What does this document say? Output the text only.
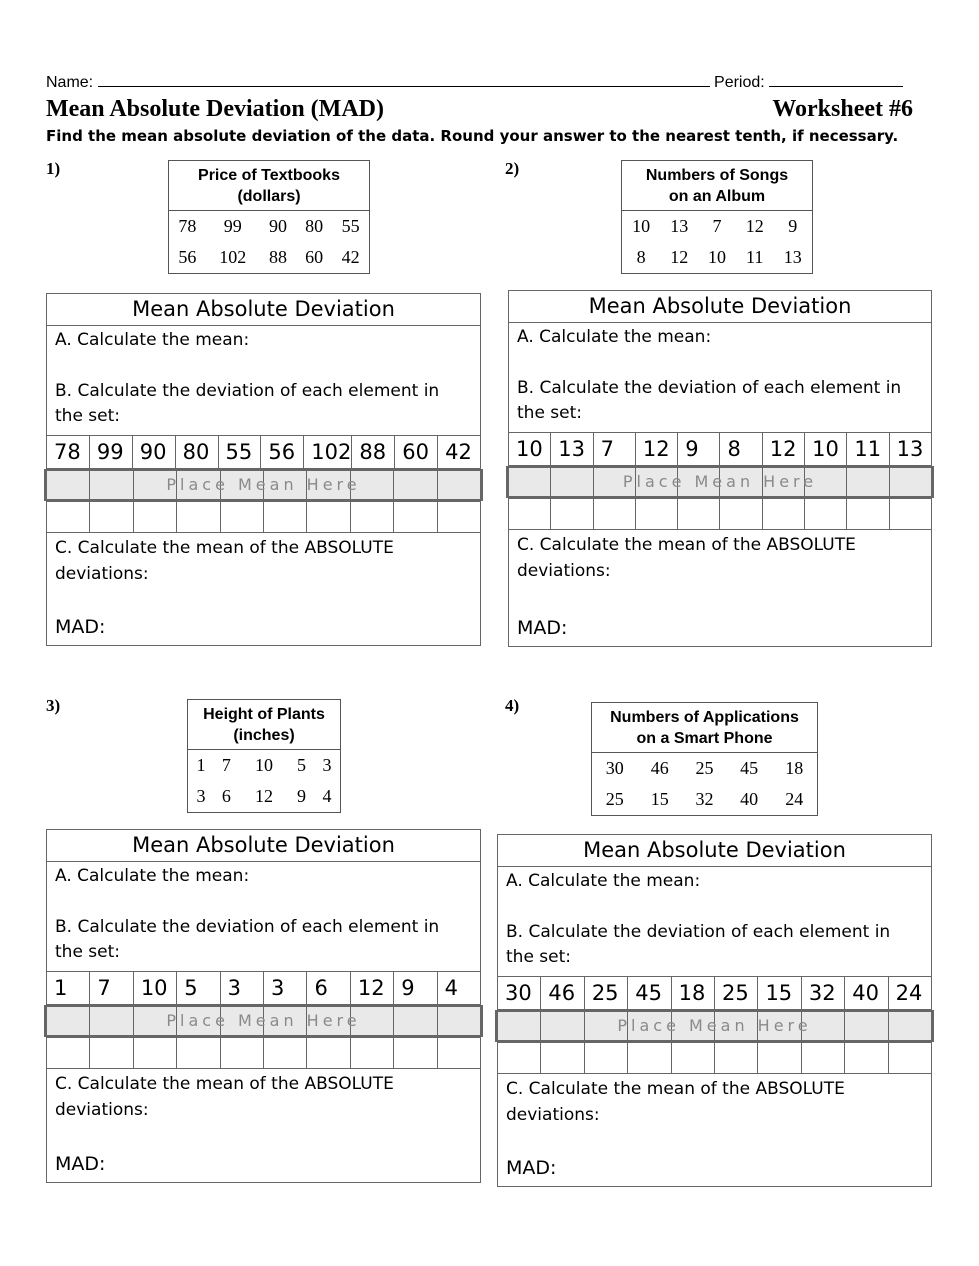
Name:	Period:
Mean Absolute Deviation (MAD)	Worksheet #6
Find the mean absolute deviation of the data. Round your answer to the nearest tenth, if necessary.
1)	Price of Textbooks
(dollars)				

78	99	90	80	55
56	102	88	60	42
Mean Absolute Deviation
A. Calculate the mean:
B. Calculate the deviation of each element in the set:
78 99 90 80 55 56 102 88 60 42
Place Mean Here
C. Calculate the mean of the ABSOLUTE deviations:
MAD:
2)	Numbers of Songs
on an Album				

10	13	7	12	9
8	12	10	11	13
Mean Absolute Deviation
A. Calculate the mean:
B. Calculate the deviation of each element in the set:
10 13 7	12 9	8	12 10 11 13
Place Mean Here
C. Calculate the mean of the ABSOLUTE deviations:
MAD:
3)	Height of Plants
(inches)				

1	7	10	5	3
3	6	12	9	4
Mean Absolute Deviation
A. Calculate the mean:
B. Calculate the deviation of each element in the set:
1	7	10 5	3	3	6	12 9	4
Place Mean Here
C. Calculate the mean of the ABSOLUTE deviations:
MAD:
4)
Numbers of Applications
on a Smart Phone				

30	46	25	45	18
25	15	32	40	24
Mean Absolute Deviation
A. Calculate the mean:
B. Calculate the deviation of each element in the set:
30 46 25 45 18 25 15 32 40 24
Place Mean Here
C. Calculate the mean of the ABSOLUTE deviations:
MAD:
